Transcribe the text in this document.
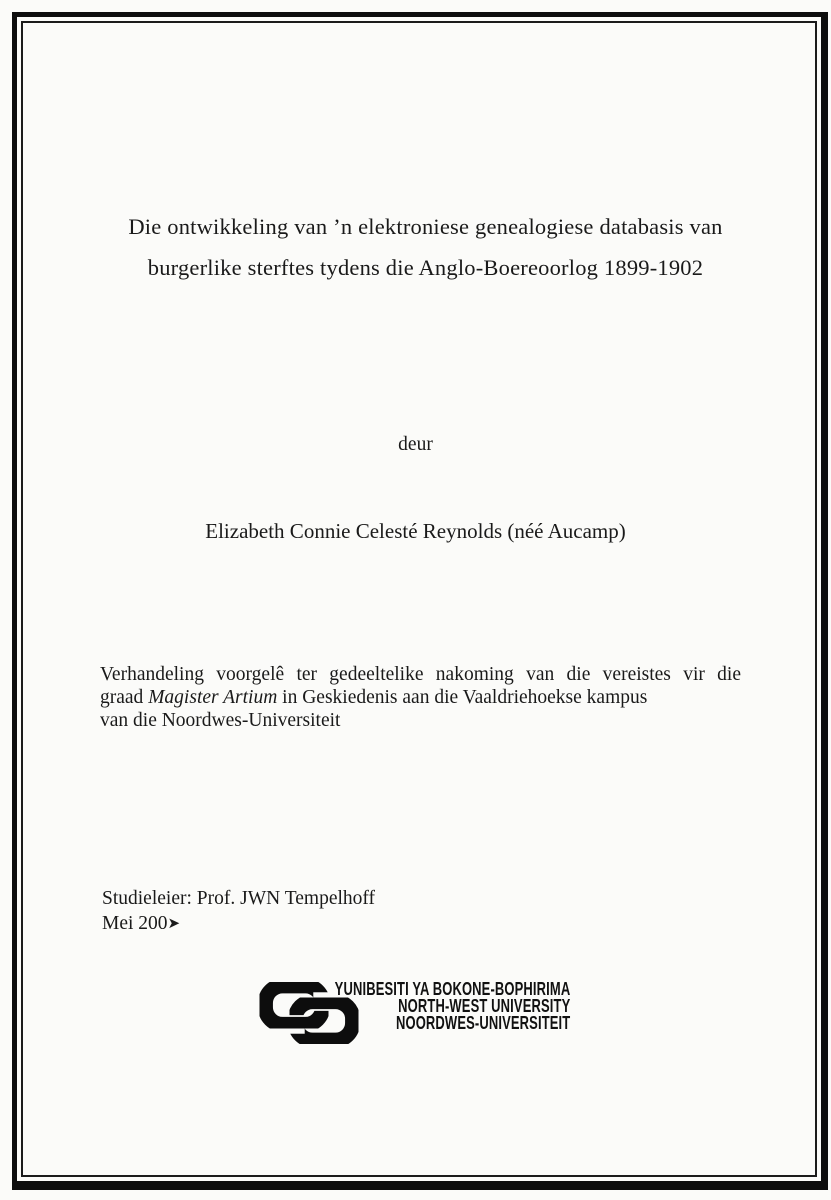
Die ontwikkeling van ’n elektroniese genealogiese databasis van
burgerlike sterftes tydens die Anglo-Boereoorlog 1899-1902
deur
Elizabeth Connie Celesté Reynolds (néé Aucamp)
Verhandeling voorgelê ter gedeeltelike nakoming van die vereistes vir die
graad Magister Artium in Geskiedenis aan die Vaaldriehoekse kampus
van die Noordwes-Universiteit
Studieleier: Prof. JWN Tempelhoff
Mei 200➤
YUNIBESITI YA BOKONE-BOPHIRIMA
NORTH-WEST UNIVERSITY
NOORDWES-UNIVERSITEIT
